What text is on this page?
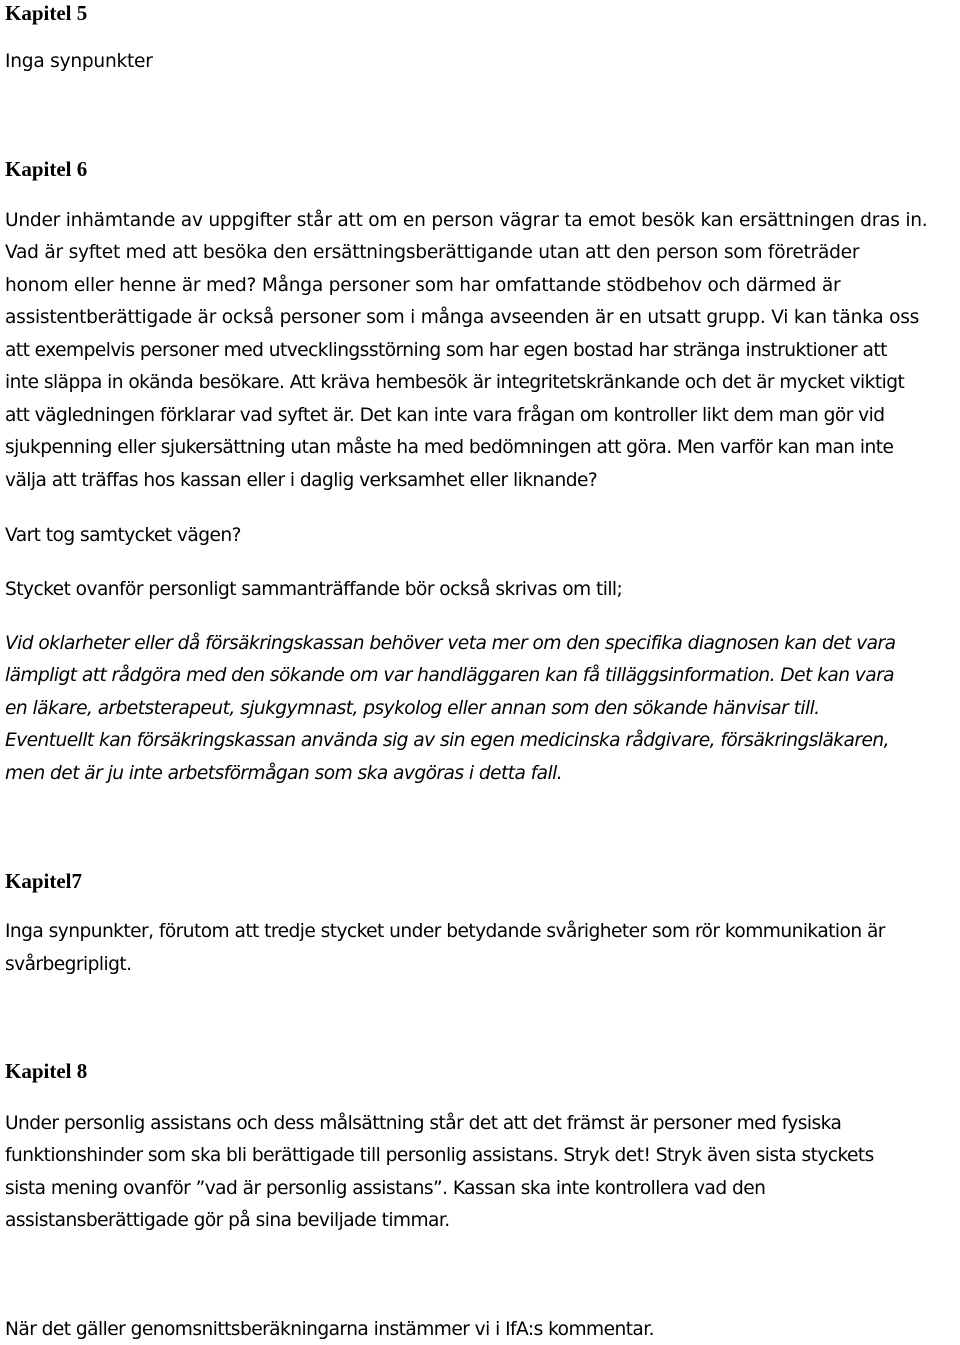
Kapitel 5
Inga synpunkter
Kapitel 6
Under inhämtande av uppgifter står att om en person vägrar ta emot besök kan ersättningen dras in.
Vad är syftet med att besöka den ersättningsberättigande utan att den person som företräder
honom eller henne är med? Många personer som har omfattande stödbehov och därmed är
assistentberättigade är också personer som i många avseenden är en utsatt grupp. Vi kan tänka oss
att exempelvis personer med utvecklingsstörning som har egen bostad har stränga instruktioner att
inte släppa in okända besökare. Att kräva hembesök är integritetskränkande och det är mycket viktigt
att vägledningen förklarar vad syftet är. Det kan inte vara frågan om kontroller likt dem man gör vid
sjukpenning eller sjukersättning utan måste ha med bedömningen att göra. Men varför kan man inte
välja att träffas hos kassan eller i daglig verksamhet eller liknande?
Vart tog samtycket vägen?
Stycket ovanför personligt sammanträffande bör också skrivas om till;
Vid oklarheter eller då försäkringskassan behöver veta mer om den specifika diagnosen kan det vara
lämpligt att rådgöra med den sökande om var handläggaren kan få tilläggsinformation. Det kan vara
en läkare, arbetsterapeut, sjukgymnast, psykolog eller annan som den sökande hänvisar till.
Eventuellt kan försäkringskassan använda sig av sin egen medicinska rådgivare, försäkringsläkaren,
men det är ju inte arbetsförmågan som ska avgöras i detta fall.
Kapitel7
Inga synpunkter, förutom att tredje stycket under betydande svårigheter som rör kommunikation är
svårbegripligt.
Kapitel 8
Under personlig assistans och dess målsättning står det att det främst är personer med fysiska
funktionshinder som ska bli berättigade till personlig assistans. Stryk det! Stryk även sista styckets
sista mening ovanför ”vad är personlig assistans”. Kassan ska inte kontrollera vad den
assistansberättigade gör på sina beviljade timmar.
När det gäller genomsnittsberäkningarna instämmer vi i IfA:s kommentar.
